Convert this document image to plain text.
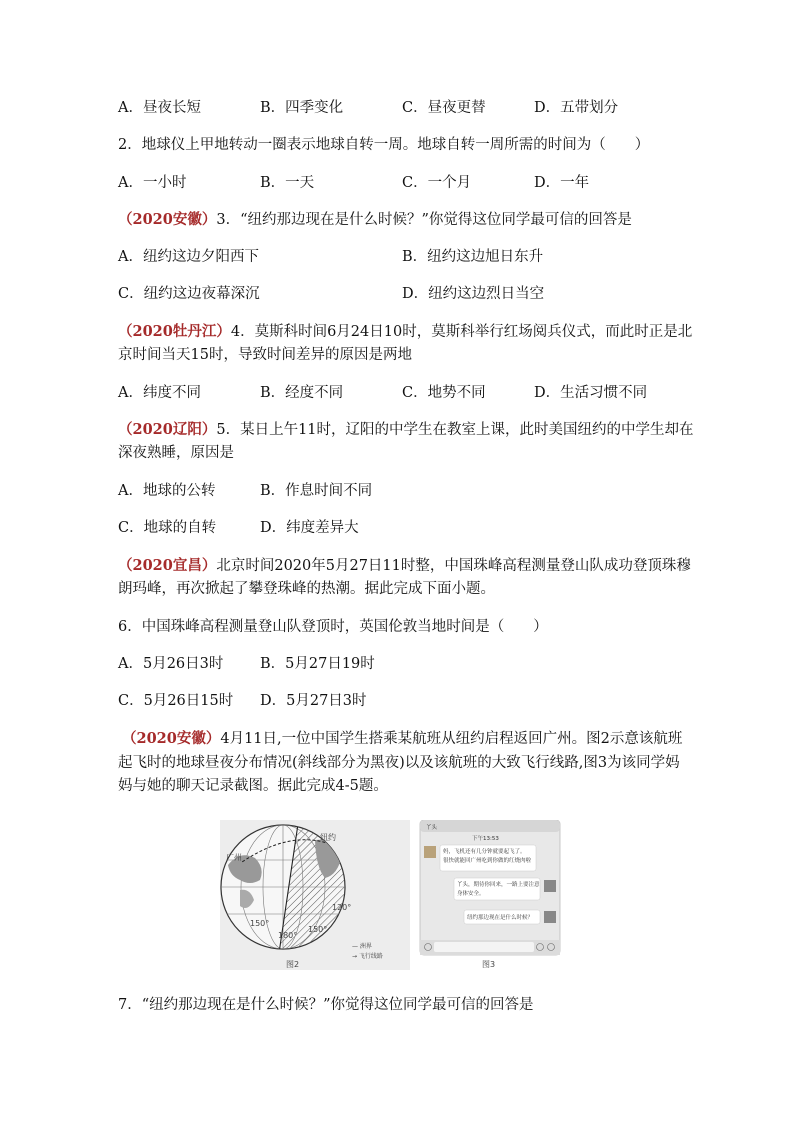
A．昼夜长短	B．四季变化	C．昼夜更替	D．五带划分
2．地球仪上甲地转动一圈表示地球自转一周。地球自转一周所需的时间为（　　）
A．一小时	B．一天	C．一个月	D．一年
（2020安徽）3．“纽约那边现在是什么时候？”你觉得这位同学最可信的回答是
A．纽约这边夕阳西下	B．纽约这边旭日东升
C．纽约这边夜幕深沉	D．纽约这边烈日当空
（2020牡丹江）4．莫斯科时间6月24日10时，莫斯科举行红场阅兵仪式，而此时正是北
京时间当天15时，导致时间差异的原因是两地
A．纬度不同	B．经度不同	C．地势不同	D．生活习惯不同
（2020辽阳）5．某日上午11时，辽阳的中学生在教室上课，此时美国纽约的中学生却在
深夜熟睡，原因是
A．地球的公转	B．作息时间不同
C．地球的自转	D．纬度差异大
（2020宜昌）北京时间2020年5月27日11时整，中国珠峰高程测量登山队成功登顶珠穆
朗玛峰，再次掀起了攀登珠峰的热潮。据此完成下面小题。
6．中国珠峰高程测量登山队登顶时，英国伦敦当地时间是（　　）
A．5月26日3时	B．5月27日19时
C．5月26日15时 D．5月27日3时
（2020安徽）4月11日,一位中国学生搭乘某航班从纽约启程返回广州。图2示意该航班
起飞时的地球昼夜分布情况(斜线部分为黑夜)以及该航班的大致飞行线路,图3为该同学妈
妈与她的聊天记录截图。据此完成4-5题。
纽约
广州
150°
180°
150°
120°
— 洲界
→ 飞行线路
图2
丫头
下午13:53
妈，飞机还有几分钟就要起飞了。
很快就能回广州吃到你做的红烧肉啦
丫头，期待你回来，一路上要注意
身体安全。
纽约那边现在是什么时候？
图3
7．“纽约那边现在是什么时候？”你觉得这位同学最可信的回答是
